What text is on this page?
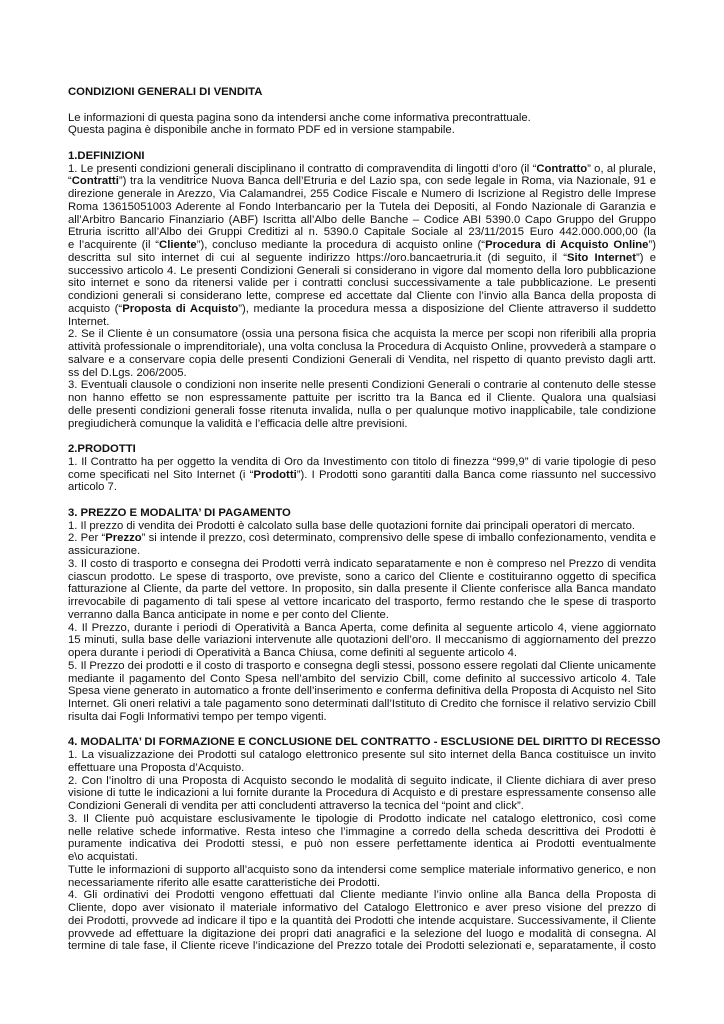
CONDIZIONI GENERALI DI VENDITA
Le informazioni di questa pagina sono da intendersi anche come informativa precontrattuale.
Questa pagina è disponibile anche in formato PDF ed in versione stampabile.
1.DEFINIZIONI
1. Le presenti condizioni generali disciplinano il contratto di compravendita di lingotti d’oro (il “Contratto” o, al plurale,
“Contratti”) tra la venditrice Nuova Banca dell’Etruria e del Lazio spa, con sede legale in Roma, via Nazionale, 91 e
direzione generale in Arezzo, Via Calamandrei, 255 Codice Fiscale e Numero di Iscrizione al Registro delle Imprese
Roma 13615051003 Aderente al Fondo Interbancario per la Tutela dei Depositi, al Fondo Nazionale di Garanzia e
all’Arbitro Bancario Finanziario (ABF) Iscritta all’Albo delle Banche – Codice ABI 5390.0 Capo Gruppo del Gruppo
Etruria iscritto all’Albo dei Gruppi Creditizi al n. 5390.0 Capitale Sociale al 23/11/2015 Euro 442.000.000,00 (la
e l’acquirente (il “Cliente”), concluso mediante la procedura di acquisto online (“Procedura di Acquisto Online”)
descritta sul sito internet di cui al seguente indirizzo https://oro.bancaetruria.it (di seguito, il “Sito Internet”) e
successivo articolo 4. Le presenti Condizioni Generali si considerano in vigore dal momento della loro pubblicazione
sito internet e sono da ritenersi valide per i contratti conclusi successivamente a tale pubblicazione. Le presenti
condizioni generali si considerano lette, comprese ed accettate dal Cliente con l’invio alla Banca della proposta di
acquisto (“Proposta di Acquisto”), mediante la procedura messa a disposizione del Cliente attraverso il suddetto
Internet.
2. Se il Cliente è un consumatore (ossia una persona fisica che acquista la merce per scopi non riferibili alla propria
attività professionale o imprenditoriale), una volta conclusa la Procedura di Acquisto Online, provvederà a stampare o
salvare e a conservare copia delle presenti Condizioni Generali di Vendita, nel rispetto di quanto previsto dagli artt.
ss del D.Lgs. 206/2005.
3. Eventuali clausole o condizioni non inserite nelle presenti Condizioni Generali o contrarie al contenuto delle stesse
non hanno effetto se non espressamente pattuite per iscritto tra la Banca ed il Cliente. Qualora una qualsiasi
delle presenti condizioni generali fosse ritenuta invalida, nulla o per qualunque motivo inapplicabile, tale condizione
pregiudicherà comunque la validità e l’efficacia delle altre previsioni.
2.PRODOTTI
1. Il Contratto ha per oggetto la vendita di Oro da Investimento con titolo di finezza “999,9” di varie tipologie di peso
come specificati nel Sito Internet (i “Prodotti”). I Prodotti sono garantiti dalla Banca come riassunto nel successivo
articolo 7.
3. PREZZO E MODALITA’ DI PAGAMENTO
1. Il prezzo di vendita dei Prodotti è calcolato sulla base delle quotazioni fornite dai principali operatori di mercato.
2. Per “Prezzo” si intende il prezzo, così determinato, comprensivo delle spese di imballo confezionamento, vendita e
assicurazione.
3. Il costo di trasporto e consegna dei Prodotti verrà indicato separatamente e non è compreso nel Prezzo di vendita
ciascun prodotto. Le spese di trasporto, ove previste, sono a carico del Cliente e costituiranno oggetto di specifica
fatturazione al Cliente, da parte del vettore. In proposito, sin dalla presente il Cliente conferisce alla Banca mandato
irrevocabile di pagamento di tali spese al vettore incaricato del trasporto, fermo restando che le spese di trasporto
verranno dalla Banca anticipate in nome e per conto del Cliente.
4. Il Prezzo, durante i periodi di Operatività a Banca Aperta, come definita al seguente articolo 4, viene aggiornato
15 minuti, sulla base delle variazioni intervenute alle quotazioni dell’oro. Il meccanismo di aggiornamento del prezzo
opera durante i periodi di Operatività a Banca Chiusa, come definiti al seguente articolo 4.
5. Il Prezzo dei prodotti e il costo di trasporto e consegna degli stessi, possono essere regolati dal Cliente unicamente
mediante il pagamento del Conto Spesa nell’ambito del servizio Cbill, come definito al successivo articolo 4. Tale
Spesa viene generato in automatico a fronte dell’inserimento e conferma definitiva della Proposta di Acquisto nel Sito
Internet. Gli oneri relativi a tale pagamento sono determinati dall’Istituto di Credito che fornisce il relativo servizio Cbill
risulta dai Fogli Informativi tempo per tempo vigenti.
4. MODALITA’ DI FORMAZIONE E CONCLUSIONE DEL CONTRATTO - ESCLUSIONE DEL DIRITTO DI RECESSO
1. La visualizzazione dei Prodotti sul catalogo elettronico presente sul sito internet della Banca costituisce un invito
effettuare una Proposta d’Acquisto.
2. Con l’inoltro di una Proposta di Acquisto secondo le modalità di seguito indicate, il Cliente dichiara di aver preso
visione di tutte le indicazioni a lui fornite durante la Procedura di Acquisto e di prestare espressamente consenso alle
Condizioni Generali di vendita per atti concludenti attraverso la tecnica del “point and click”.
3. Il Cliente può acquistare esclusivamente le tipologie di Prodotto indicate nel catalogo elettronico, così come
nelle relative schede informative. Resta inteso che l’immagine a corredo della scheda descrittiva dei Prodotti è
puramente indicativa dei Prodotti stessi, e può non essere perfettamente identica ai Prodotti eventualmente
e\o acquistati.
Tutte le informazioni di supporto all’acquisto sono da intendersi come semplice materiale informativo generico, e non
necessariamente riferito alle esatte caratteristiche dei Prodotti.
4. Gli ordinativi dei Prodotti vengono effettuati dal Cliente mediante l’invio online alla Banca della Proposta di
Cliente, dopo aver visionato il materiale informativo del Catalogo Elettronico e aver preso visione del prezzo di
dei Prodotti, provvede ad indicare il tipo e la quantità dei Prodotti che intende acquistare. Successivamente, il Cliente
provvede ad effettuare la digitazione dei propri dati anagrafici e la selezione del luogo e modalità di consegna. Al
termine di tale fase, il Cliente riceve l’indicazione del Prezzo totale dei Prodotti selezionati e, separatamente, il costo
